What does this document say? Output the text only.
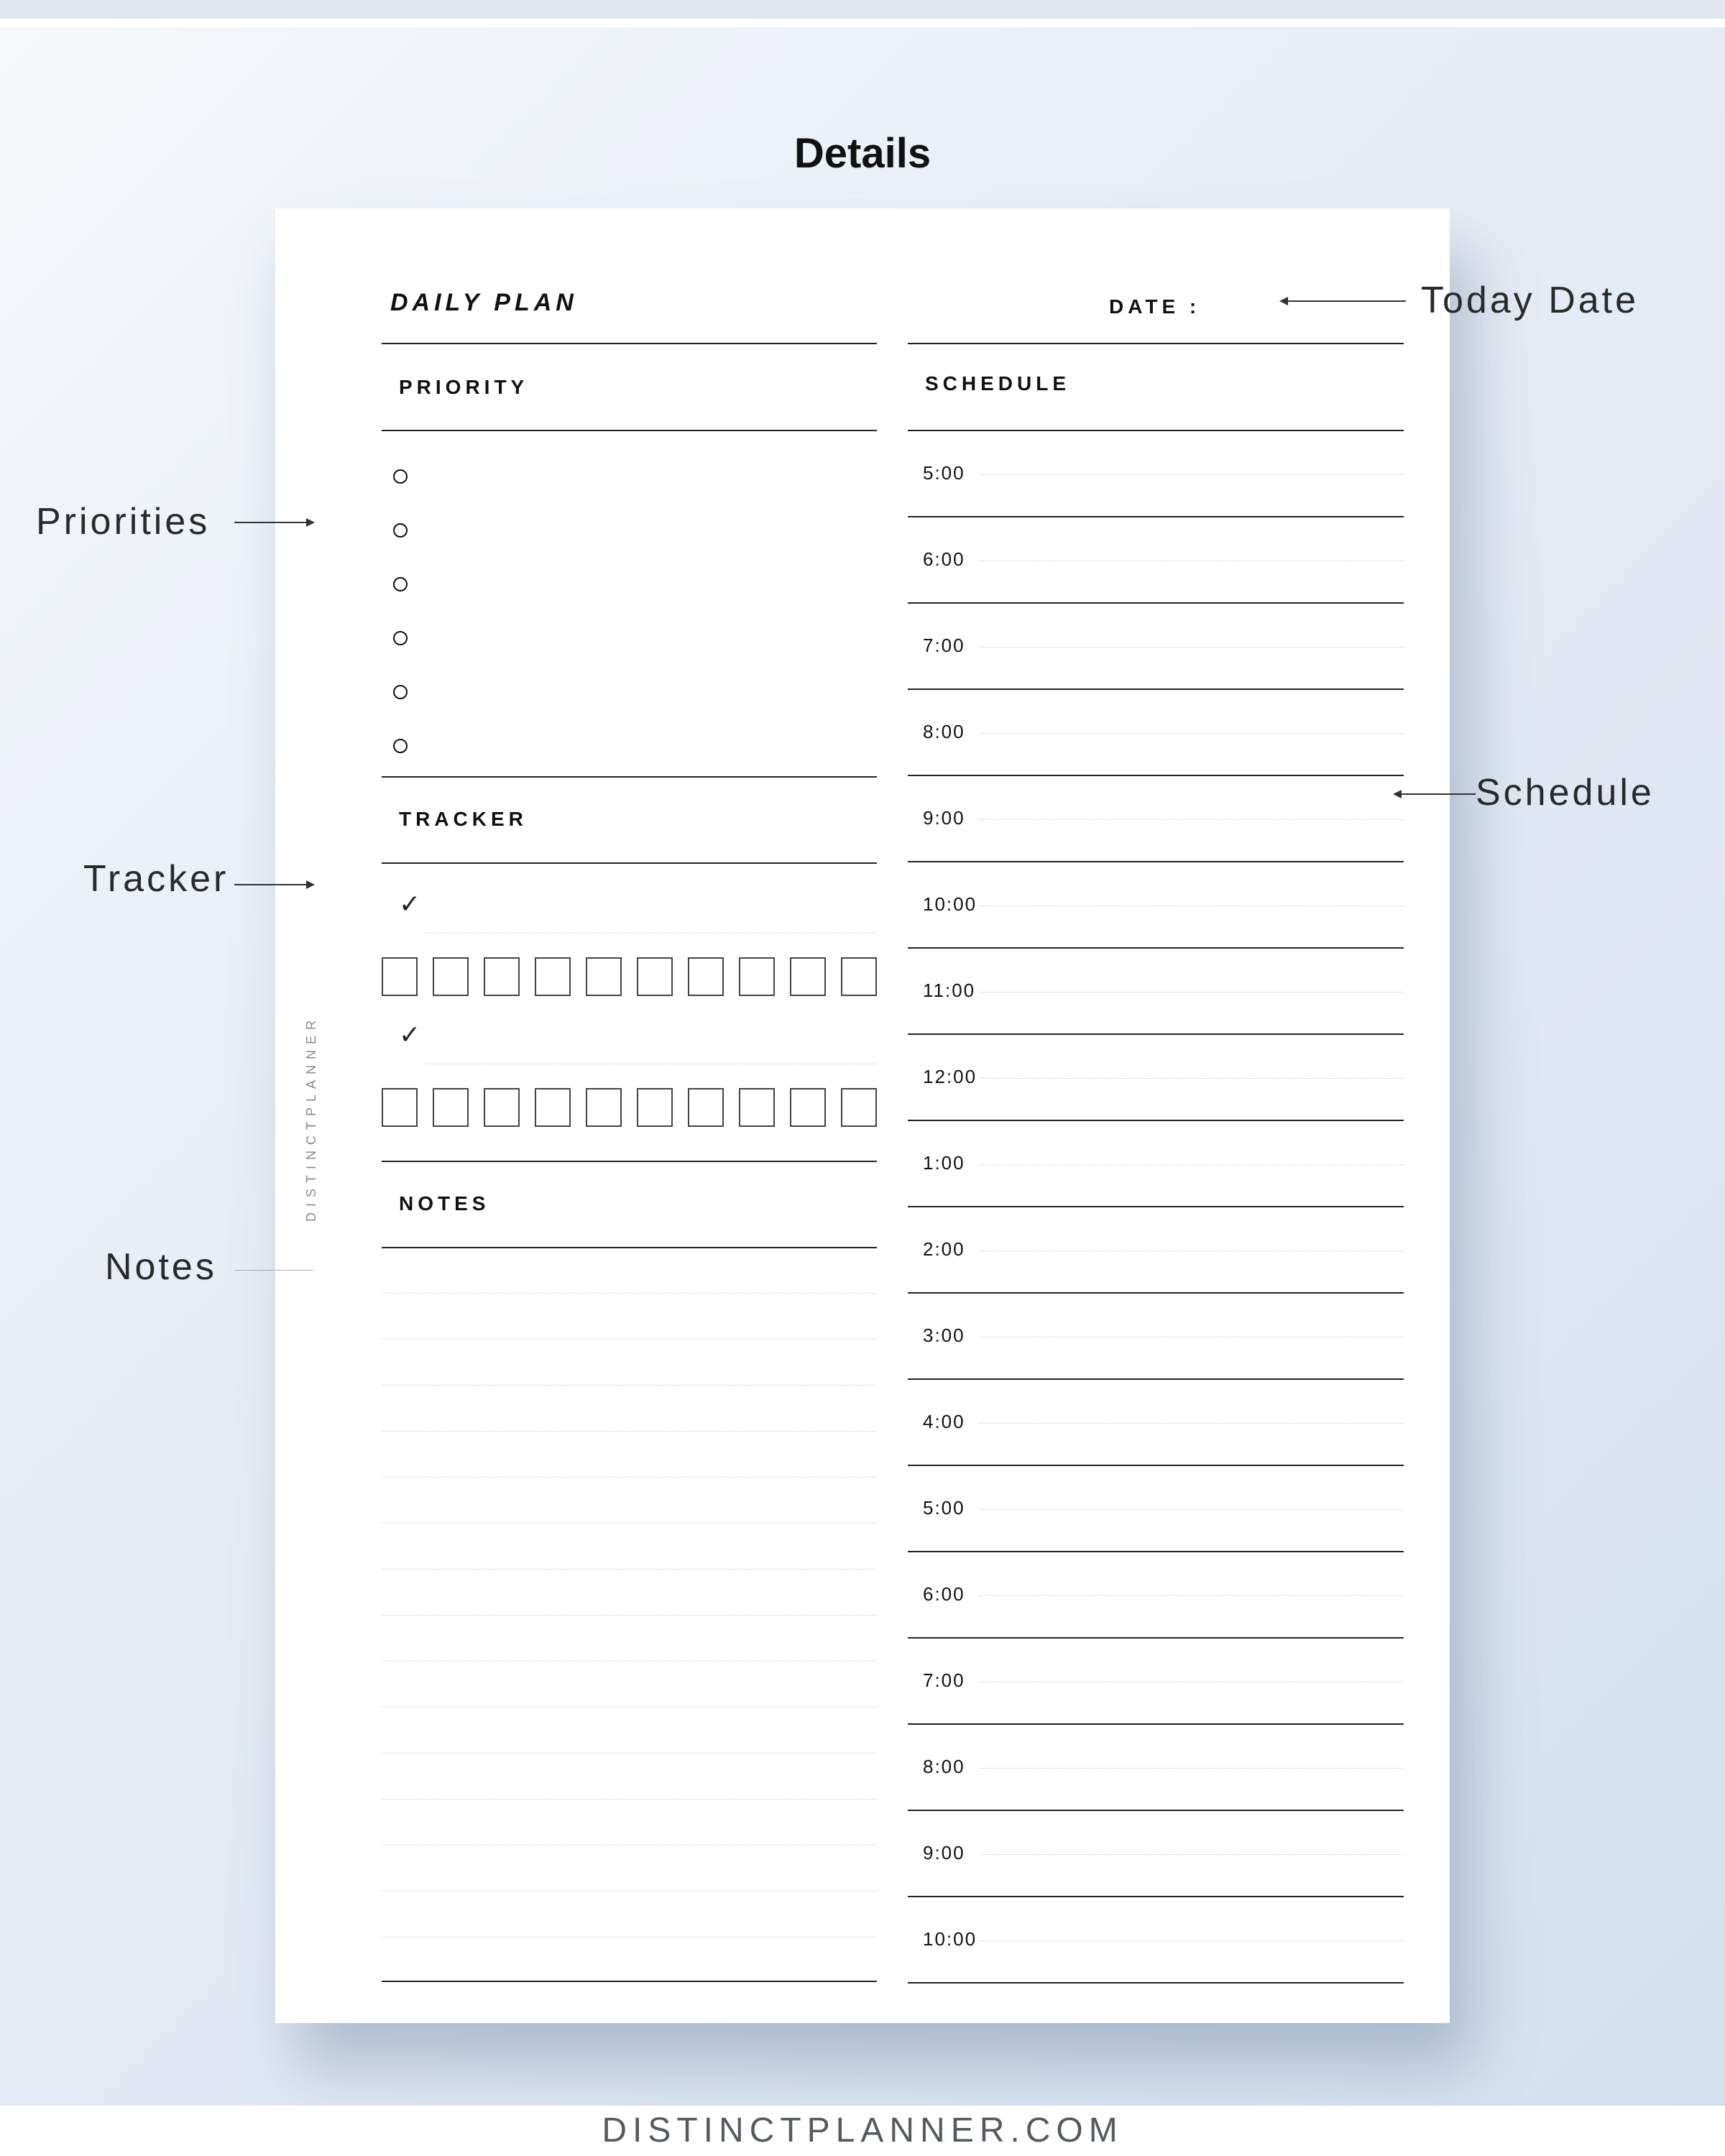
Details
DAILY PLAN	DATE :
PRIORITY	SCHEDULE
TRACKER
✓
✓
NOTES
5:00
6:00
7:00
8:00
9:00
10:00
11:00
12:00
1:00
2:00
3:00
4:00
5:00
6:00
7:00
8:00
9:00
10:00
DISTINCTPLANNER
Today Date
Priorities
Schedule
Tracker
Notes
DISTINCTPLANNER.COM
